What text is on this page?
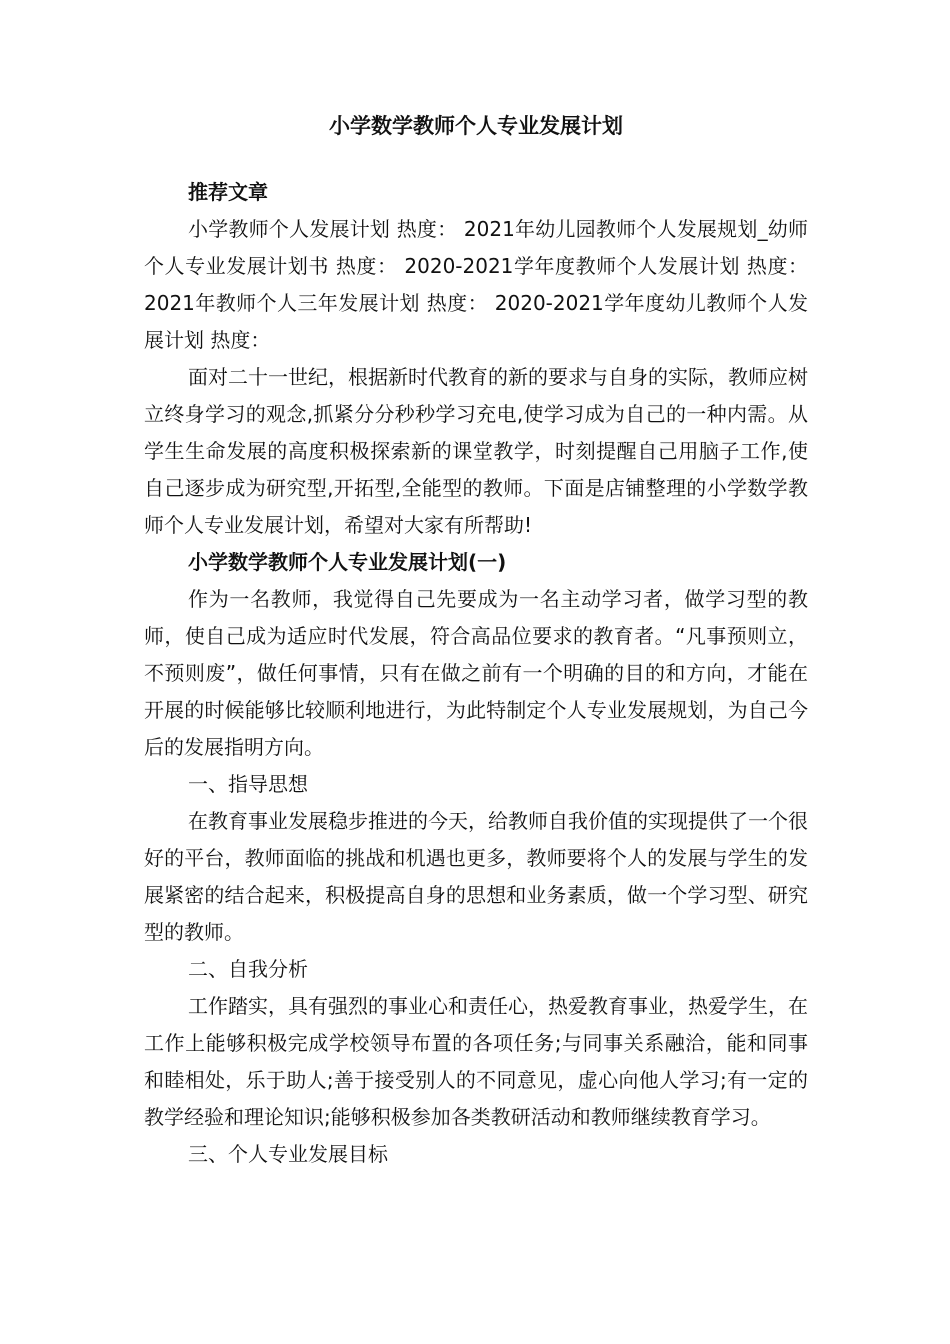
小学数学教师个人专业发展计划
推荐文章
小学教师个人发展计划 热度： 2021年幼儿园教师个人发展规划_幼师个人专业发展计划书 热度： 2020-2021学年度教师个人发展计划 热度： 2021年教师个人三年发展计划 热度： 2020-2021学年度幼儿教师个人发展计划 热度：
面对二十一世纪，根据新时代教育的新的要求与自身的实际，教师应树立终身学习的观念,抓紧分分秒秒学习充电,使学习成为自己的一种内需。从学生生命发展的高度积极探索新的课堂教学，时刻提醒自己用脑子工作,使自己逐步成为研究型,开拓型,全能型的教师。下面是店铺整理的小学数学教师个人专业发展计划，希望对大家有所帮助!
小学数学教师个人专业发展计划(一)
作为一名教师，我觉得自己先要成为一名主动学习者，做学习型的教师，使自己成为适应时代发展，符合高品位要求的教育者。“凡事预则立，不预则废”，做任何事情，只有在做之前有一个明确的目的和方向，才能在开展的时候能够比较顺利地进行，为此特制定个人专业发展规划，为自己今后的发展指明方向。
一、指导思想
在教育事业发展稳步推进的今天，给教师自我价值的实现提供了一个很好的平台，教师面临的挑战和机遇也更多，教师要将个人的发展与学生的发展紧密的结合起来，积极提高自身的思想和业务素质，做一个学习型、研究型的教师。
二、自我分析
工作踏实，具有强烈的事业心和责任心，热爱教育事业，热爱学生，在工作上能够积极完成学校领导布置的各项任务;与同事关系融洽，能和同事和睦相处，乐于助人;善于接受别人的不同意见，虚心向他人学习;有一定的教学经验和理论知识;能够积极参加各类教研活动和教师继续教育学习。
三、个人专业发展目标
